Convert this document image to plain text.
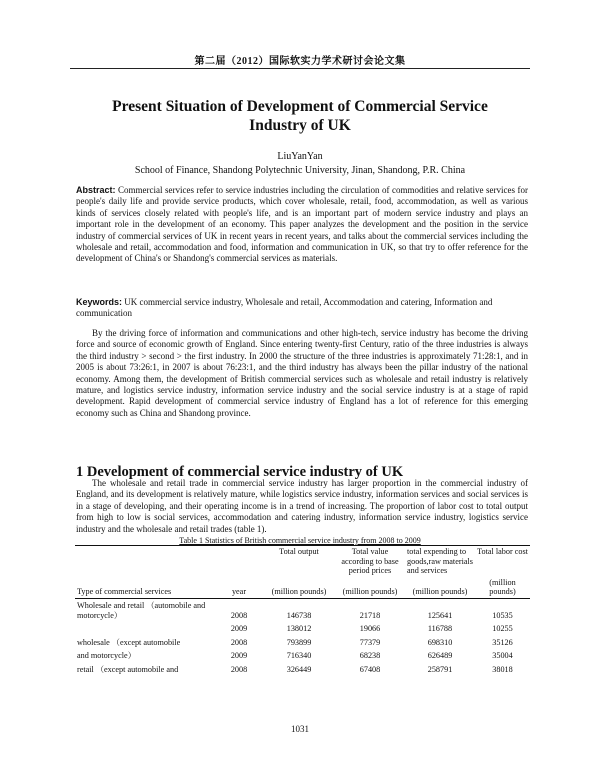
第二届（2012）国际软实力学术研讨会论文集
Present Situation of Development of Commercial Service Industry of UK
LiuYanYan
School of Finance, Shandong Polytechnic University, Jinan, Shandong, P.R. China
Abstract: Commercial services refer to service industries including the circulation of commodities and relative services for people's daily life and provide service products, which cover wholesale, retail, food, accommodation, as well as various kinds of services closely related with people's life, and is an important part of modern service industry and plays an important role in the development of an economy. This paper analyzes the development and the position in the service industry of commercial services of UK in recent years in recent years, and talks about the commercial services including the wholesale and retail, accommodation and food, information and communication in UK, so that try to offer reference for the development of China's or Shandong's commercial services as materials.
Keywords: UK commercial service industry, Wholesale and retail, Accommodation and catering, Information and communication
By the driving force of information and communications and other high-tech, service industry has become the driving force and source of economic growth of England. Since entering twenty-first Century, ratio of the three industries is always the third industry > second > the first industry. In 2000 the structure of the three industries is approximately 71:28:1, and in 2005 is about 73:26:1, in 2007 is about 76:23:1, and the third industry has always been the pillar industry of the national economy. Among them, the development of British commercial services such as wholesale and retail industry is relatively mature, and logistics service industry, information service industry and the social service industry is at a stage of rapid development. Rapid development of commercial service industry of England has a lot of reference for this emerging economy such as China and Shandong province.
1 Development of commercial service industry of UK
The wholesale and retail trade in commercial service industry has larger proportion in the commercial industry of England, and its development is relatively mature, while logistics service industry, information services and social services is in a stage of developing, and their operating income is in a trend of increasing. The proportion of labor cost to total output from high to low is social services, accommodation and catering industry, information service industry, logistics service industry and the wholesale and retail trades (table 1).
Table 1 Statistics of British commercial service industry from 2008 to 2009
		Total output	Total value according to base period prices	total expending to goods,raw materials and services	Total labor cost
Type of commercial services	year	(million pounds)	(million pounds)	(million pounds)	(million pounds)
Wholesale and retail （automobile and motorcycle）	2008	146738	21718	125641	10535
	2009	138012	19066	116788	10255
wholesale （except automobile	2008	793899	77379	698310	35126
and motorcycle）	2009	716340	68238	626489	35004
retail （except automobile and	2008	326449	67408	258791	38018
1031
